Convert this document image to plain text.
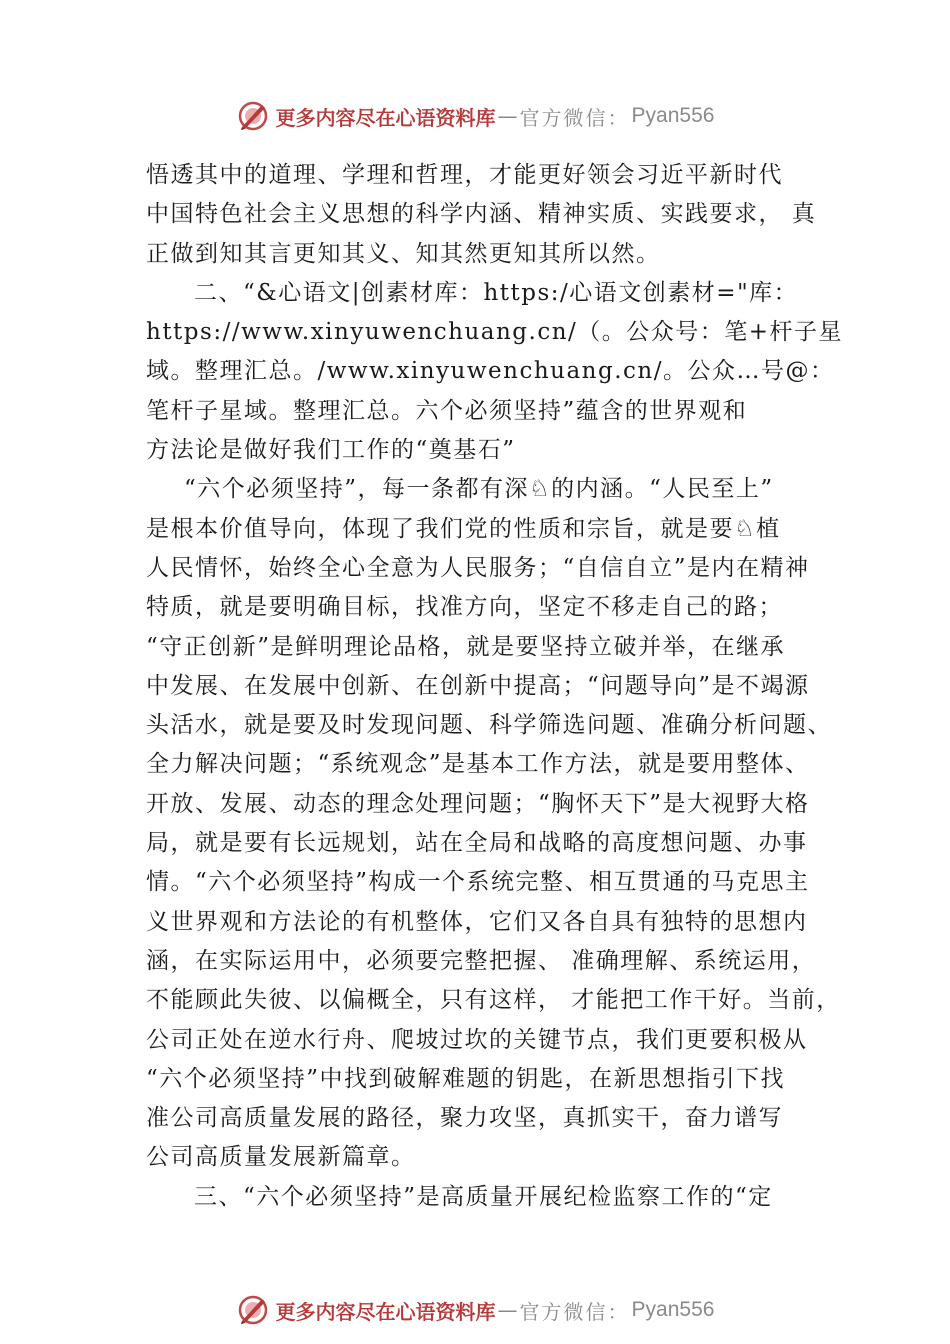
更多内容尽在心语资料库 — 官方微信： Pyan556
悟透其中的道理、学理和哲理，才能更好领会习近平新时代
中国特色社会主义思想的科学内涵、精神实质、实践要求， 真
正做到知其言更知其义、知其然更知其所以然。
二、“&心语文|创素材库：https:/心语文创素材="库：
https://www.xinyuwenchuang.cn/（。公众号：笔+杆子星
域。整理汇总。/www.xinyuwenchuang.cn/。公众…号@：
笔杆子星域。整理汇总。六个必须坚持”蕴含的世界观和
方法论是做好我们工作的“奠基石”
“六个必须坚持”，每一条都有深♘的内涵。“人民至上”
是根本价值导向，体现了我们党的性质和宗旨，就是要♘植
人民情怀，始终全心全意为人民服务；“自信自立”是内在精神
特质，就是要明确目标，找准方向，坚定不移走自己的路；
“守正创新”是鲜明理论品格，就是要坚持立破并举，在继承
中发展、在发展中创新、在创新中提高；“问题导向”是不竭源
头活水，就是要及时发现问题、科学筛选问题、准确分析问题、
全力解决问题；“系统观念”是基本工作方法，就是要用整体、
开放、发展、动态的理念处理问题；“胸怀天下”是大视野大格
局，就是要有长远规划，站在全局和战略的高度想问题、办事
情。“六个必须坚持”构成一个系统完整、相互贯通的马克思主
义世界观和方法论的有机整体，它们又各自具有独特的思想内
涵，在实际运用中，必须要完整把握、 准确理解、系统运用，
不能顾此失彼、以偏概全，只有这样， 才能把工作干好。当前，
公司正处在逆水行舟、爬坡过坎的关键节点，我们更要积极从
“六个必须坚持”中找到破解难题的钥匙，在新思想指引下找
准公司高质量发展的路径，聚力攻坚，真抓实干，奋力谱写
公司高质量发展新篇章。
三、“六个必须坚持”是高质量开展纪检监察工作的“定
更多内容尽在心语资料库 — 官方微信： Pyan556
